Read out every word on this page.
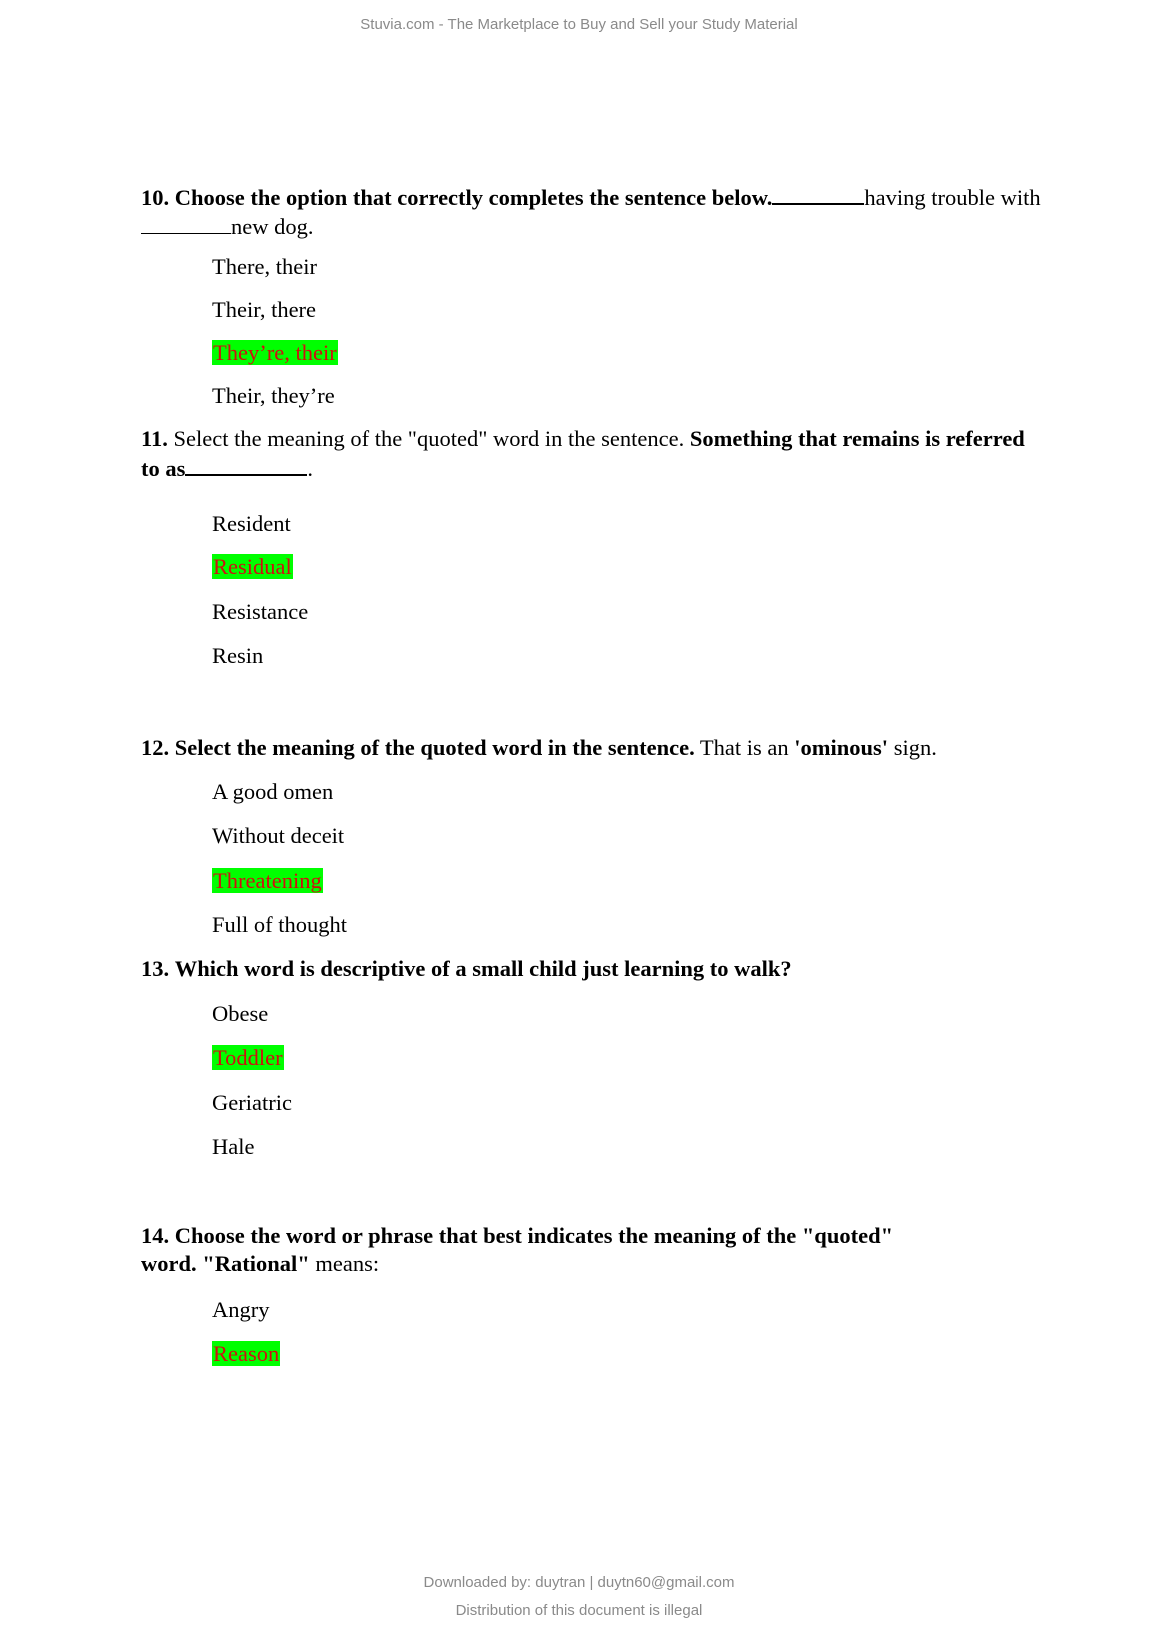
Stuvia.com - The Marketplace to Buy and Sell your Study Material
10. Choose the option that correctly completes the sentence below.	having trouble withnew dog.
There, their
Their, there
They’re, their
Their, they’re
11. Select the meaning of the "quoted" word in the sentence. Something that remains is referred to as	.
Resident
Residual
Resistance
Resin
12. Select the meaning of the quoted word in the sentence. That is an 'ominous' sign.
A good omen
Without deceit
Threatening
Full of thought
13. Which word is descriptive of a small child just learning to walk?
Obese
Toddler
Geriatric
Hale
14. Choose the word or phrase that best indicates the meaning of the "quoted" word. "Rational" means:
Angry
Reason
Downloaded by: duytran | duytn60@gmail.com
Distribution of this document is illegal
